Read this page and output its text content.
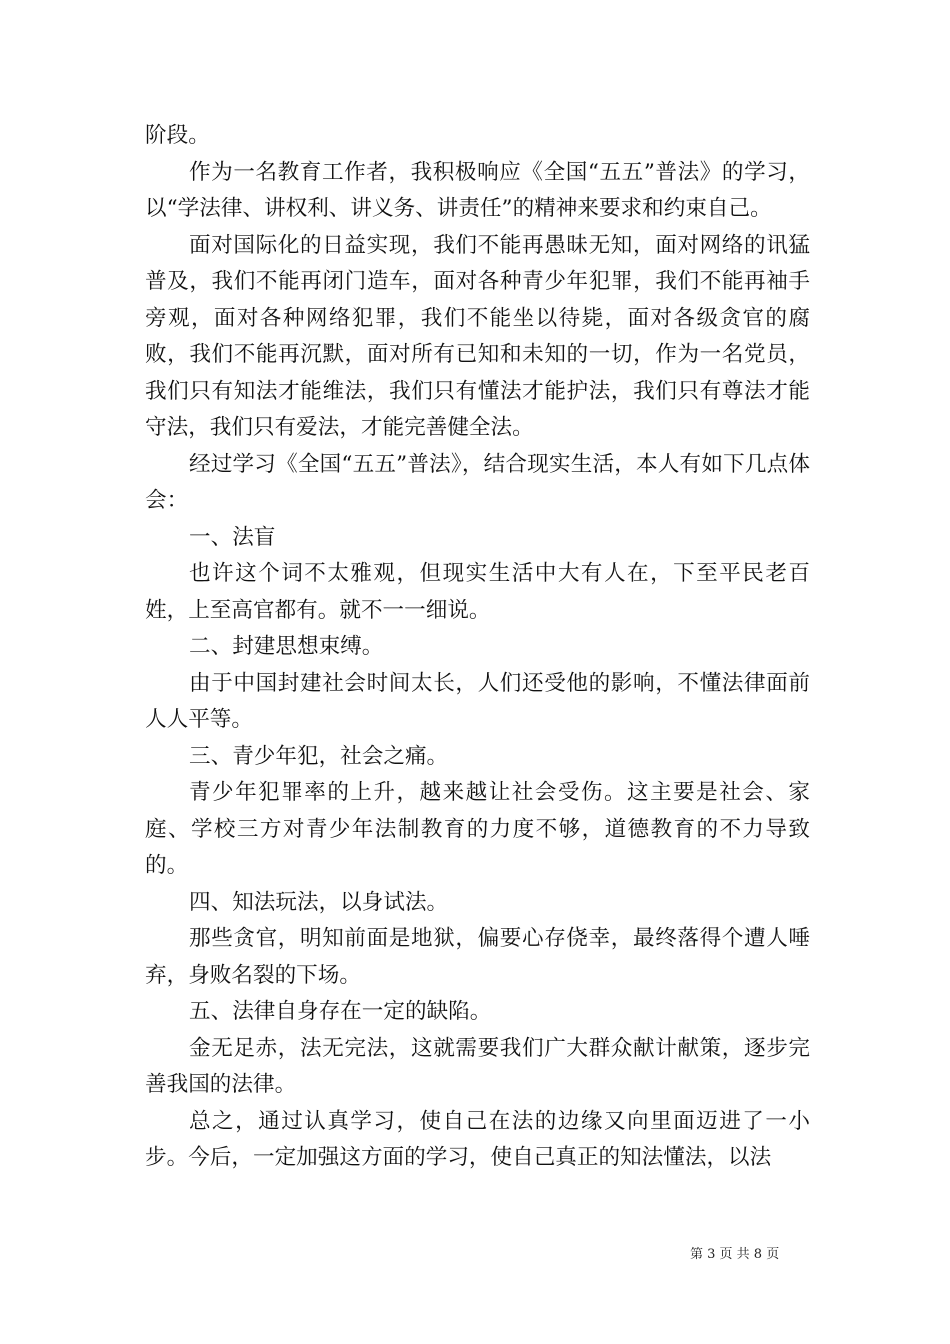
阶段。

作为一名教育工作者，我积极响应《全国“五五”普法》的学习，以“学法律、讲权利、讲义务、讲责任”的精神来要求和约束自己。

面对国际化的日益实现，我们不能再愚昧无知，面对网络的讯猛普及，我们不能再闭门造车，面对各种青少年犯罪，我们不能再袖手旁观，面对各种网络犯罪，我们不能坐以待毙，面对各级贪官的腐败，我们不能再沉默，面对所有已知和未知的一切，作为一名党员，我们只有知法才能维法，我们只有懂法才能护法，我们只有尊法才能守法，我们只有爱法，才能完善健全法。

经过学习《全国“五五”普法》，结合现实生活，本人有如下几点体会：

一、法盲

也许这个词不太雅观，但现实生活中大有人在，下至平民老百姓，上至高官都有。就不一一细说。

二、封建思想束缚。

由于中国封建社会时间太长，人们还受他的影响，不懂法律面前人人平等。

三、青少年犯，社会之痛。

青少年犯罪率的上升，越来越让社会受伤。这主要是社会、家庭、学校三方对青少年法制教育的力度不够，道德教育的不力导致的。

四、知法玩法，以身试法。

那些贪官，明知前面是地狱，偏要心存侥幸，最终落得个遭人唾弃，身败名裂的下场。

五、法律自身存在一定的缺陷。

金无足赤，法无完法，这就需要我们广大群众献计献策，逐步完善我国的法律。

总之，通过认真学习，使自己在法的边缘又向里面迈进了一小步。今后，一定加强这方面的学习，使自己真正的知法懂法，以法

第 3 页 共 8 页
